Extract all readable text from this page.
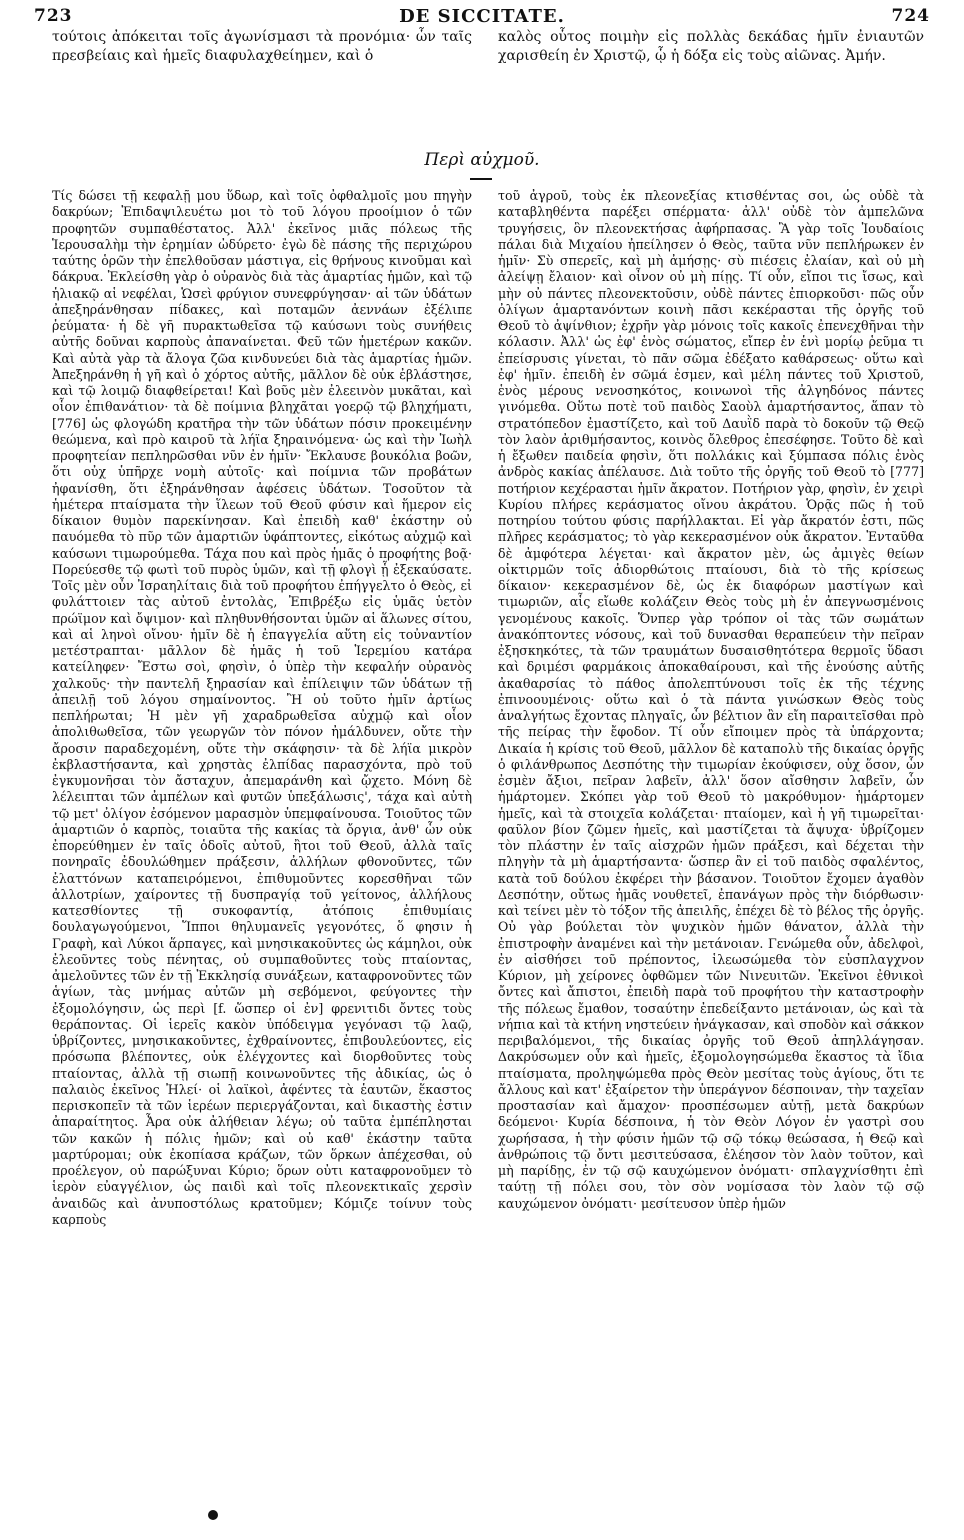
723	DE SICCITATE.	724
τούτοις ἀπόκειται τοῖς ἀγωνίσμασι τὰ προνόμια· ὧν ταῖς πρεσβείαις καὶ ἡμεῖς διαφυλαχθείημεν, καὶ ὁ
καλὸς οὗτος ποιμὴν εἰς πολλὰς δεκάδας ἡμῖν ἐνιαυτῶν χαρισθείη ἐν Χριστῷ, ᾧ ἡ δόξα εἰς τοὺς αἰῶνας. Ἀμήν.
Περὶ αὐχμοῦ.

Τίς δώσει τῇ κεφαλῇ μου ὕδωρ, καὶ τοῖς ὀφθαλμοῖς μου πηγὴν δακρύων; Ἐπιδαψιλευέτω μοι τὸ τοῦ λόγου προοίμιον ὁ τῶν προφητῶν συμπαθέστατος. Ἀλλ' ἐκεῖνος μιᾶς πόλεως τῆς Ἱερουσαλὴμ τὴν ἐρημίαν ὠδύρετο· ἐγὼ δὲ πάσης τῆς περιχώρου ταύτης ὁρῶν τὴν ἐπελθοῦσαν μάστιγα, εἰς θρήνους κινοῦμαι καὶ δάκρυα. Ἐκλείσθη γὰρ ὁ οὐρανὸς διὰ τὰς ἁμαρτίας ἡμῶν, καὶ τῷ ἡλιακῷ αἱ νεφέλαι, Ὡσεὶ φρύγιον συνεφρύγησαν· αἱ τῶν ὑδάτων ἀπεξηράνθησαν πίδακες, καὶ ποταμῶν ἀεννάων ἐξέλιπε ῥεύματα· ἡ δὲ γῆ πυρακτωθεῖσα τῷ καύσωνι τοὺς συνήθεις αὐτῆς δοῦναι καρποὺς ἀπαναίνεται. Φεῦ τῶν ἡμετέρων κακῶν. Καὶ αὐτὰ γὰρ τὰ ἄλογα ζῶα κινδυνεύει διὰ τὰς ἁμαρτίας ἡμῶν. Ἀπεξηράνθη ἡ γῆ καὶ ὁ χόρτος αὐτῆς, μᾶλλον δὲ οὐκ ἐβλάστησε, καὶ τῷ λοιμῷ διαφθείρεται! Καὶ βοῦς μὲν ἐλεεινὸν μυκᾶται, καὶ οἷον ἐπιθανάτιον· τὰ δὲ ποίμνια βληχᾶται γοερῷ τῷ βληχήματι, [776] ὡς φλογώδη κρατῆρα τὴν τῶν ὑδάτων πόσιν προκειμένην θεώμενα, καὶ πρὸ καιροῦ τὰ λήϊα ξηραινόμενα· ὡς καὶ τὴν Ἰωὴλ προφητείαν πεπληρῶσθαι νῦν ἐν ἡμῖν· Ἔκλαυσε βουκόλια βοῶν, ὅτι οὐχ ὑπῆρχε νομὴ αὐτοῖς· καὶ ποίμνια τῶν προβάτων ἠφανίσθη, ὅτι ἐξηράνθησαν ἀφέσεις ὑδάτων. Τοσοῦτον τὰ ἡμέτερα πταίσματα τὴν ἵλεων τοῦ Θεοῦ φύσιν καὶ ἥμερον εἰς δίκαιον θυμὸν παρεκίνησαν. Καὶ ἐπειδὴ καθ' ἑκάστην οὐ παυόμεθα τὸ πῦρ τῶν ἁμαρτιῶν ὑφάπτοντες, εἰκότως αὐχμῷ καὶ καύσωνι τιμωρούμεθα. Τάχα που καὶ πρὸς ἡμᾶς ὁ προφήτης βοᾷ· Πορεύεσθε τῷ φωτὶ τοῦ πυρὸς ὑμῶν, καὶ τῇ φλογὶ ᾗ ἐξεκαύσατε. Τοῖς μὲν οὖν Ἰσραηλίταις διὰ τοῦ προφήτου ἐπήγγελτο ὁ Θεὸς, εἰ φυλάττοιεν τὰς αὐτοῦ ἐντολὰς, Ἐπιβρέξω εἰς ὑμᾶς ὑετὸν πρώϊμον καὶ ὄψιμον· καὶ πληθυνθήσονται ὑμῶν αἱ ἅλωνες σίτου, καὶ αἱ ληνοὶ οἴνου· ἡμῖν δὲ ἡ ἐπαγγελία αὕτη εἰς τοὐναντίον μετέστραπται· μᾶλλον δὲ ἡμᾶς ἡ τοῦ Ἱερεμίου κατάρα κατείληφεν· Ἔστω σοὶ, φησὶν, ὁ ὑπὲρ τὴν κεφαλήν οὐρανὸς χαλκοῦς· τὴν παντελῆ ξηρασίαν καὶ ἐπίλειψιν τῶν ὑδάτων τῇ ἀπειλῇ τοῦ λόγου σημαίνοντος. Ἢ οὐ τοῦτο ἡμῖν ἀρτίως πεπλήρωται; Ἡ μὲν γῆ χαραδρωθεῖσα αὐχμῷ καὶ οἷον ἀπολιθωθεῖσα, τῶν γεωργῶν τὸν πόνον ἠμάλδυνεν, οὔτε τὴν ἄροσιν παραδεχομένη, οὔτε τὴν σκάφησιν· τὰ δὲ λήϊα μικρὸν ἐκβλαστήσαντα, καὶ χρηστὰς ἐλπίδας παρασχόντα, πρὸ τοῦ ἐγκυμονῆσαι τὸν ἄσταχυν, ἀπεμαράνθη καὶ ᾤχετο. Μόνη δὲ λέλειπται τῶν ἀμπέλων καὶ φυτῶν ὑπεξάλωσις', τάχα καὶ αὐτὴ τῷ μετ' ὀλίγον ἐσόμενον μαρασμὸν ὑπεμφαίνουσα. Τοιοῦτος τῶν ἁμαρτιῶν ὁ καρπὸς, τοιαῦτα τῆς κακίας τὰ ὄργια, ἀνθ' ὧν οὐκ ἐπορεύθημεν ἐν ταῖς ὁδοῖς αὐτοῦ, ἢτοι τοῦ Θεοῦ, ἀλλὰ ταῖς πονηραῖς ἐδουλώθημεν πράξεσιν, ἀλλήλων φθονοῦντες, τῶν ἐλαττόνων καταπειρόμενοι, ἐπιθυμοῦντες κορεσθῆναι τῶν ἀλλοτρίων, χαίροντες τῇ δυσπραγίᾳ τοῦ γείτονος, ἀλλήλους κατεσθίοντες τῇ συκοφαντίᾳ, ἀτόποις ἐπιθυμίαις δουλαγωγούμενοι, Ἵπποι θηλυμανεῖς γεγονότες, ὅ φησιν ἡ Γραφὴ, καὶ Λύκοι ἅρπαγες, καὶ μνησικακοῦντες ὡς κάμηλοι, οὐκ ἐλεοῦντες τοὺς πένητας, οὐ συμπαθοῦντες τοὺς πταίοντας, ἀμελοῦντες τῶν ἐν τῇ Ἐκκλησίᾳ συνάξεων, καταφρονοῦντες τῶν ἁγίων, τὰς μνήμας αὐτῶν μὴ σεβόμενοι, φεύγοντες τὴν ἐξομολόγησιν, ὡς περὶ [f. ὥσπερ οἱ ἐν] φρενιτιδι ὄντες τοὺς θεράποντας. Οἱ ἱερεῖς κακὸν ὑπόδειγμα γεγόνασι τῷ λαῷ, ὑβρίζοντες, μνησικακοῦντες, ἐχθραίνοντες, ἐπιβουλεύοντες, εἰς πρόσωπα βλέποντες, οὐκ ἐλέγχοντες καὶ διορθοῦντες τοὺς πταίοντας, ἀλλὰ τῇ σιωπῇ κοινωνοῦντες τῆς ἀδικίας, ὡς ὁ παλαιὸς ἐκεῖνος Ἠλεί· οἱ λαϊκοὶ, ἀφέντες τὰ ἑαυτῶν, ἕκαστος περισκοπεῖν τὰ τῶν ἱερέων περιεργάζονται, καὶ δικαστὴς ἐστιν ἀπαραίτητος. Ἆρα οὐκ ἀλήθειαν λέγω; οὐ ταῦτα ἐμπέπλησται τῶν κακῶν ἡ πόλις ἡμῶν; καὶ οὐ καθ' ἑκάστην ταῦτα μαρτύρομαι; οὐκ ἐκοπίασα κράζων, τῶν ὅρκων ἀπέχεσθαι, οὐ προέλεγον, οὐ παρώξυναι Κύριο; ὅρων οὐτι καταφρονοῦμεν τὸ ἱερὸν εὐαγγέλιον, ὡς παιδὶ καὶ τοῖς πλεονεκτικαῖς χερσὶν ἀναιδῶς καὶ ἀνυποστόλως κρατοῦμεν; Κόμιζε τοίνυν τοὺς καρποὺς

τοῦ ἀγροῦ, τοὺς ἐκ πλεονεξίας κτισθέντας σοι, ὡς οὐδὲ τὰ καταβληθέντα παρέξει σπέρματα· ἀλλ' οὐδὲ τὸν ἀμπελῶνα τρυγήσεις, ὃν πλεονεκτήσας ἀφήρπασας. Ἃ γὰρ τοῖς Ἰουδαίοις πάλαι διὰ Μιχαίου ἠπείλησεν ὁ Θεὸς, ταῦτα νῦν πεπλήρωκεν ἐν ἡμῖν· Σὺ σπερεῖς, καὶ μὴ ἀμήσῃς· σὺ πιέσεις ἐλαίαν, καὶ οὐ μὴ ἀλείψῃ ἔλαιον· καὶ οἶνον οὐ μὴ πίῃς. Τί οὖν, εἴποι τις ἴσως, καὶ μὴν οὐ πάντες πλεονεκτοῦσιν, οὐδὲ πάντες ἐπιορκοῦσι· πῶς οὖν ὀλίγων ἁμαρτανόντων κοινὴ πᾶσι κεκέρασται τῆς ὀργῆς τοῦ Θεοῦ τὸ ἀψίνθιον; ἐχρῆν γὰρ μόνοις τοῖς κακοῖς ἐπενεχθῆναι τὴν κόλασιν. Ἀλλ' ὡς ἐφ' ἑνὸς σώματος, εἴπερ ἐν ἑνὶ μορίῳ ῥεῦμα τι ἐπείσρυσις γίνεται, τὸ πᾶν σῶμα ἐδέξατο καθάρσεως· οὕτω καὶ ἐφ' ἡμῖν. ἐπειδὴ ἐν σῶμά ἐσμεν, καὶ μέλη πάντες τοῦ Χριστοῦ, ἑνὸς μέρους νενοσηκότος, κοινωνοὶ τῆς ἀλγηδόνος πάντες γινόμεθα. Οὕτω ποτὲ τοῦ παιδὸς Σαοὺλ ἁμαρτήσαντος, ἅπαν τὸ στρατόπεδον ἐμαστίζετο, καὶ τοῦ Δαυῒδ παρὰ τὸ δοκοῦν τῷ Θεῷ τὸν λαὸν ἀριθμήσαντος, κοινὸς ὄλεθρος ἐπεσέφησε. Τοῦτο δὲ καὶ ἡ ἔξωθεν παιδεία φησὶν, ὅτι πολλάκις καὶ ξύμπασα πόλις ἑνὸς ἀνδρὸς κακίας ἀπέλαυσε. Διὰ τοῦτο τῆς ὀργῆς τοῦ Θεοῦ τὸ [777] ποτήριον κεχέρασται ἡμῖν ἄκρατον. Ποτήριον γὰρ, φησὶν, ἐν χειρὶ Κυρίου πλήρες κεράσματος οἴνου ἀκράτου. Ὁρᾷς πῶς ἡ τοῦ ποτηρίου τούτου φύσις παρήλλακται. Εἰ γὰρ ἄκρατόν ἐστι, πῶς πλῆρες κεράσματος; τὸ γὰρ κεκερασμένον οὐκ ἄκρατον. Ἐνταῦθα δὲ ἀμφότερα λέγεται· καὶ ἄκρατον μὲν, ὡς ἀμιγὲς θείων οἰκτιρμῶν τοῖς ἀδιορθώτοις πταίουσι, διὰ τὸ τῆς κρίσεως δίκαιον· κεκερασμένον δὲ, ὡς ἐκ διαφόρων μαστίγων καὶ τιμωριῶν, αἷς εἴωθε κολάζειν Θεὸς τοὺς μὴ ἐν ἀπεγνωσμένοις γενομένους κακοῖς. Ὅνπερ γὰρ τρόπον οἱ τὰς τῶν σωμάτων ἀνακόπτοντες νόσους, καὶ τοῦ δυνασθαι θεραπεύειν τὴν πεῖραν ἐξησκηκότες, τὰ τῶν τραυμάτων δυσαισθητότερα θερμοῖς ὕδασι καὶ δριμέσι φαρμάκοις ἀποκαθαίρουσι, καὶ τῆς ἑνούσης αὐτῆς ἀκαθαρσίας τὸ πάθος ἀπολεπτύνουσι τοῖς ἐκ τῆς τέχνης ἐπινοουμένοις· οὕτω καὶ ὁ τὰ πάντα γινώσκων Θεὸς τοὺς ἀναλγήτως ἔχοντας πληγαῖς, ὧν βέλτιον ἂν εἴη παραιτεῖσθαι πρὸ τῆς πείρας τὴν ἔφοδον. Τί οὖν εἴποιμεν πρὸς τὰ ὑπάρχοντα; Δικαία ἡ κρίσις τοῦ Θεοῦ, μᾶλλον δὲ καταπολὺ τῆς δικαίας ὀργῆς ὁ φιλάνθρωπος Δεσπότης τὴν τιμωρίαν ἐκούφισεν, οὐχ ὅσον, ὧν ἐσμὲν ἄξιοι, πεῖραν λαβεῖν, ἀλλ' ὅσον αἴσθησιν λαβεῖν, ὧν ἡμάρτομεν. Σκόπει γὰρ τοῦ Θεοῦ τὸ μακρόθυμον· ἡμάρτομεν ἡμεῖς, καὶ τὰ στοιχεῖα κολάζεται· πταίομεν, καὶ ἡ γῆ τιμωρεῖται· φαῦλον βίον ζῶμεν ἡμεῖς, καὶ μαστίζεται τὰ ἄψυχα· ὑβρίζομεν τὸν πλάστην ἐν ταῖς αἰσχρῶν ἡμῶν πράξεσι, καὶ δέχεται τὴν πληγὴν τὰ μὴ ἁμαρτήσαντα· ὥσπερ ἂν εἰ τοῦ παιδὸς σφαλέντος, κατὰ τοῦ δούλου ἐκφέρει τὴν βάσανον. Τοιοῦτον ἔχομεν ἀγαθὸν Δεσπότην, οὕτως ἡμᾶς νουθετεῖ, ἐπανάγων πρὸς τὴν διόρθωσιν· καὶ τείνει μὲν τὸ τόξον τῆς ἀπειλῆς, ἐπέχει δὲ τὸ βέλος τῆς ὀργῆς. Οὐ γὰρ βούλεται τὸν ψυχικὸν ἡμῶν θάνατον, ἀλλὰ τὴν ἐπιστροφὴν ἀναμένει καὶ τὴν μετάνοιαν. Γενώμεθα οὖν, ἀδελφοὶ, ἐν αἰσθήσει τοῦ πρέποντος, ἱλεωσώμεθα τὸν εὐσπλαγχνον Κύριον, μὴ χείρονες ὀφθῶμεν τῶν Νινευιτῶν. Ἐκεῖνοι ἐθνικοὶ ὄντες καὶ ἄπιστοι, ἐπειδὴ παρὰ τοῦ προφήτου τὴν καταστροφὴν τῆς πόλεως ἔμαθον, τοσαύτην ἐπεδείξαντο μετάνοιαν, ὡς καὶ τὰ νήπια καὶ τὰ κτήνη νηστεύειν ἠνάγκασαν, καὶ σποδὸν καὶ σάκκον περιβαλόμενοι, τῆς δικαίας ὀργῆς τοῦ Θεοῦ ἀπηλλάγησαν. Δακρύσωμεν οὖν καὶ ἡμεῖς, ἐξομολογησώμεθα ἕκαστος τὰ ἴδια πταίσματα, προληψώμεθα πρὸς Θεὸν μεσίτας τοὺς ἁγίους, ὅτι τε ἄλλους καὶ κατ' ἐξαίρετον τὴν ὑπεράγνον δέσποιναν, τὴν ταχεῖαν προστασίαν καὶ ἄμαχον· προσπέσωμεν αὐτῇ, μετὰ δακρύων δεόμενοι· Κυρία δέσποινα, ἡ τὸν Θεὸν Λόγον ἐν γαστρὶ σου χωρήσασα, ἡ τὴν φύσιν ἡμῶν τῷ σῷ τόκῳ θεώσασα, ἡ Θεῷ καὶ ἀνθρώποις τῷ ὄντι μεσιτεύσασα, ἐλέησον τὸν λαὸν τοῦτον, καὶ μὴ παρίδῃς, ἐν τῷ σῷ καυχώμενον ὀνόματι· σπλαγχνίσθητι ἐπὶ ταύτῃ τῇ πόλει σου, τὸν σὸν νομίσασα τὸν λαὸν τῷ σῷ καυχώμενον ὀνόματι· μεσίτευσον ὑπὲρ ἡμῶν
